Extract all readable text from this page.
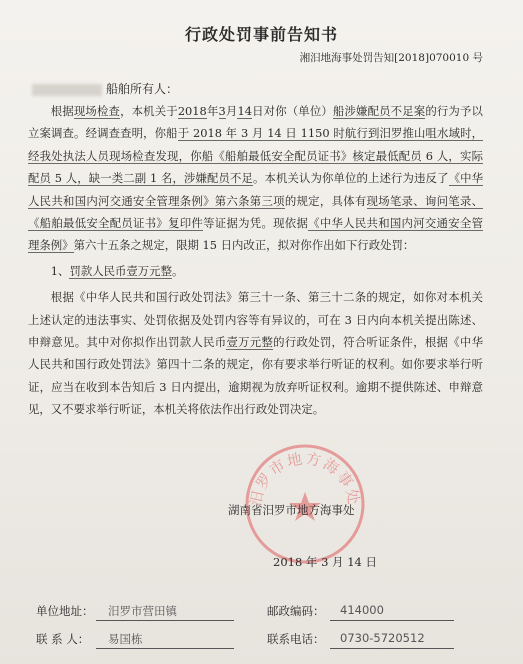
行政处罚事前告知书
湘汨地海事处罚告知[2018]070010 号
船舶所有人：

根据现场检查，本机关于2018年3月14日对你（单位）船涉嫌配员不足案的行为予以立案调查。经调查查明，你船于 2018 年 3 月 14 日 1150 时航行到汨罗推山咀水域时，经我处执法人员现场检查发现，你船《船舶最低安全配员证书》核定最低配员 6 人，实际配员 5 人，缺一类二副 1 名，涉嫌配员不足。本机关认为你单位的上述行为违反了《中华人民共和国内河交通安全管理条例》第六条第三项的规定，具体有现场笔录、询问笔录、《船舶最低安全配员证书》复印件等证据为凭。现依据《中华人民共和国内河交通安全管理条例》第六十五条之规定，限期 15 日内改正，拟对你作出如下行政处罚：

1、罚款人民币壹万元整。

根据《中华人民共和国行政处罚法》第三十一条、第三十二条的规定，如你对本机关上述认定的违法事实、处罚依据及处罚内容等有异议的，可在 3 日内向本机关提出陈述、申辩意见。其中对你拟作出罚款人民币壹万元整的行政处罚，符合听证条件，根据《中华人民共和国行政处罚法》第四十二条的规定，你有要求举行听证的权利。如你要求举行听证，应当在收到本告知后 3 日内提出，逾期视为放弃听证权利。逾期不提供陈述、申辩意见，又不要求举行听证，本机关将依法作出行政处罚决定。

汨罗市地方海事处
湖南省汨罗市地方海事处
2018 年 3 月 14 日
单位地址： 汨罗市营田镇	邮政编码： 414000
联 系 人： 易国栋	联系电话： 0730-5720512
